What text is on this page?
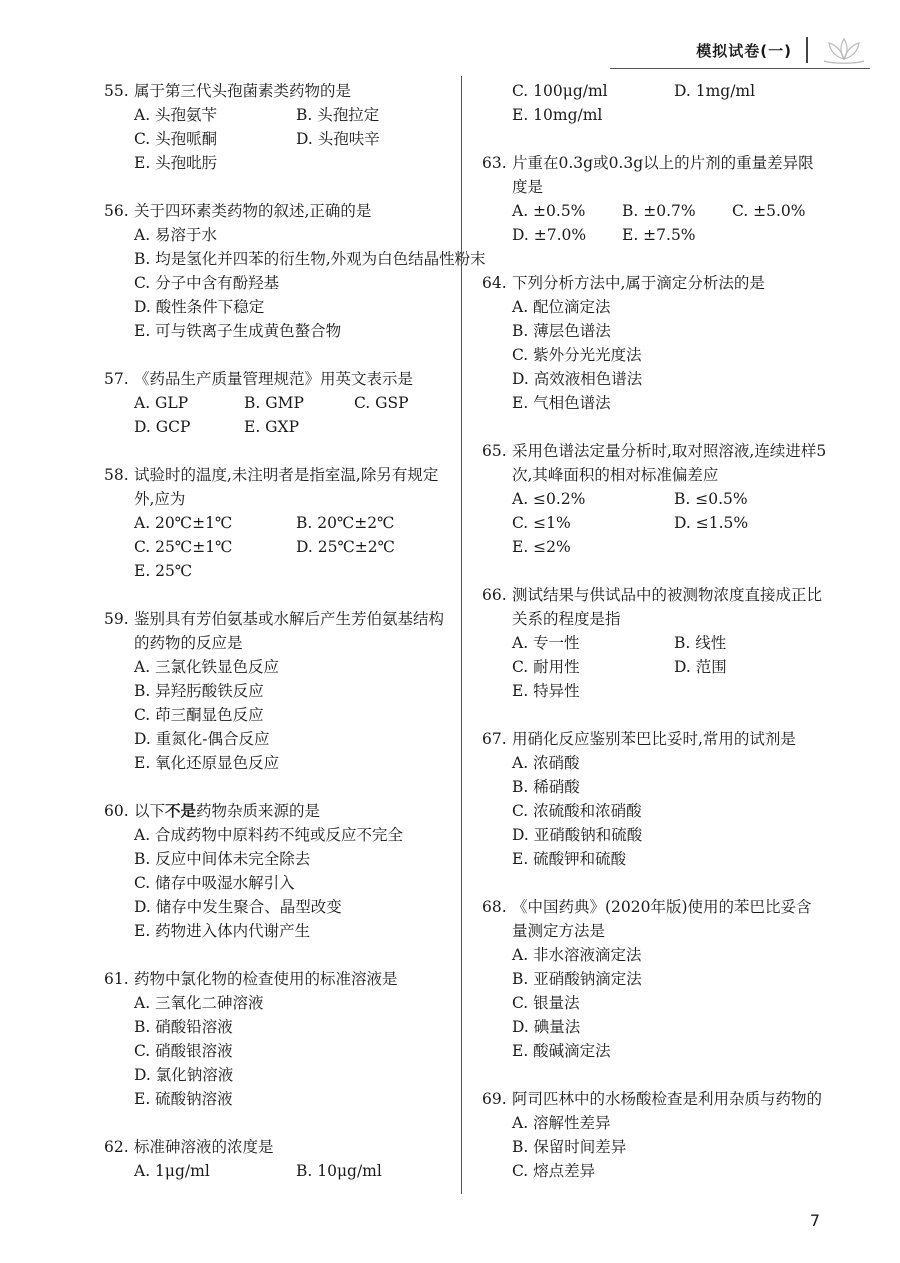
模拟试卷(一)
55. 属于第三代头孢菌素类药物的是
A. 头孢氨苄	B. 头孢拉定
C. 头孢哌酮	D. 头孢呋辛
E. 头孢吡肟
56. 关于四环素类药物的叙述,正确的是
A. 易溶于水
B. 均是氢化并四苯的衍生物,外观为白色结晶性粉末
C. 分子中含有酚羟基
D. 酸性条件下稳定
E. 可与铁离子生成黄色螯合物
57. 《药品生产质量管理规范》用英文表示是
A. GLP	B. GMP	C. GSP
D. GCP	E. GXP
58. 试验时的温度,未注明者是指室温,除另有规定外,应为
A. 20℃±1℃	B. 20℃±2℃
C. 25℃±1℃	D. 25℃±2℃
E. 25℃
59. 鉴别具有芳伯氨基或水解后产生芳伯氨基结构的药物的反应是
A. 三氯化铁显色反应
B. 异羟肟酸铁反应
C. 茚三酮显色反应
D. 重氮化-偶合反应
E. 氧化还原显色反应
60. 以下不是药物杂质来源的是
A. 合成药物中原料药不纯或反应不完全
B. 反应中间体未完全除去
C. 储存中吸湿水解引入
D. 储存中发生聚合、晶型改变
E. 药物进入体内代谢产生
61. 药物中氯化物的检查使用的标准溶液是
A. 三氧化二砷溶液
B. 硝酸铅溶液
C. 硝酸银溶液
D. 氯化钠溶液
E. 硫酸钠溶液
62. 标准砷溶液的浓度是
A. 1μg/ml	B. 10μg/ml
C. 100μg/ml	D. 1mg/ml
E. 10mg/ml
63. 片重在0.3g或0.3g以上的片剂的重量差异限度是
A. ±0.5% B. ±0.7% C. ±5.0%
D. ±7.0% E. ±7.5%
64. 下列分析方法中,属于滴定分析法的是
A. 配位滴定法
B. 薄层色谱法
C. 紫外分光光度法
D. 高效液相色谱法
E. 气相色谱法
65. 采用色谱法定量分析时,取对照溶液,连续进样5次,其峰面积的相对标准偏差应
A. ≤0.2%	B. ≤0.5%
C. ≤1%	D. ≤1.5%
E. ≤2%
66. 测试结果与供试品中的被测物浓度直接成正比关系的程度是指
A. 专一性	B. 线性
C. 耐用性	D. 范围
E. 特异性
67. 用硝化反应鉴别苯巴比妥时,常用的试剂是
A. 浓硝酸
B. 稀硝酸
C. 浓硫酸和浓硝酸
D. 亚硝酸钠和硫酸
E. 硫酸钾和硫酸
68. 《中国药典》(2020年版)使用的苯巴比妥含量测定方法是
A. 非水溶液滴定法
B. 亚硝酸钠滴定法
C. 银量法
D. 碘量法
E. 酸碱滴定法
69. 阿司匹林中的水杨酸检查是利用杂质与药物的
A. 溶解性差异
B. 保留时间差异
C. 熔点差异
7
